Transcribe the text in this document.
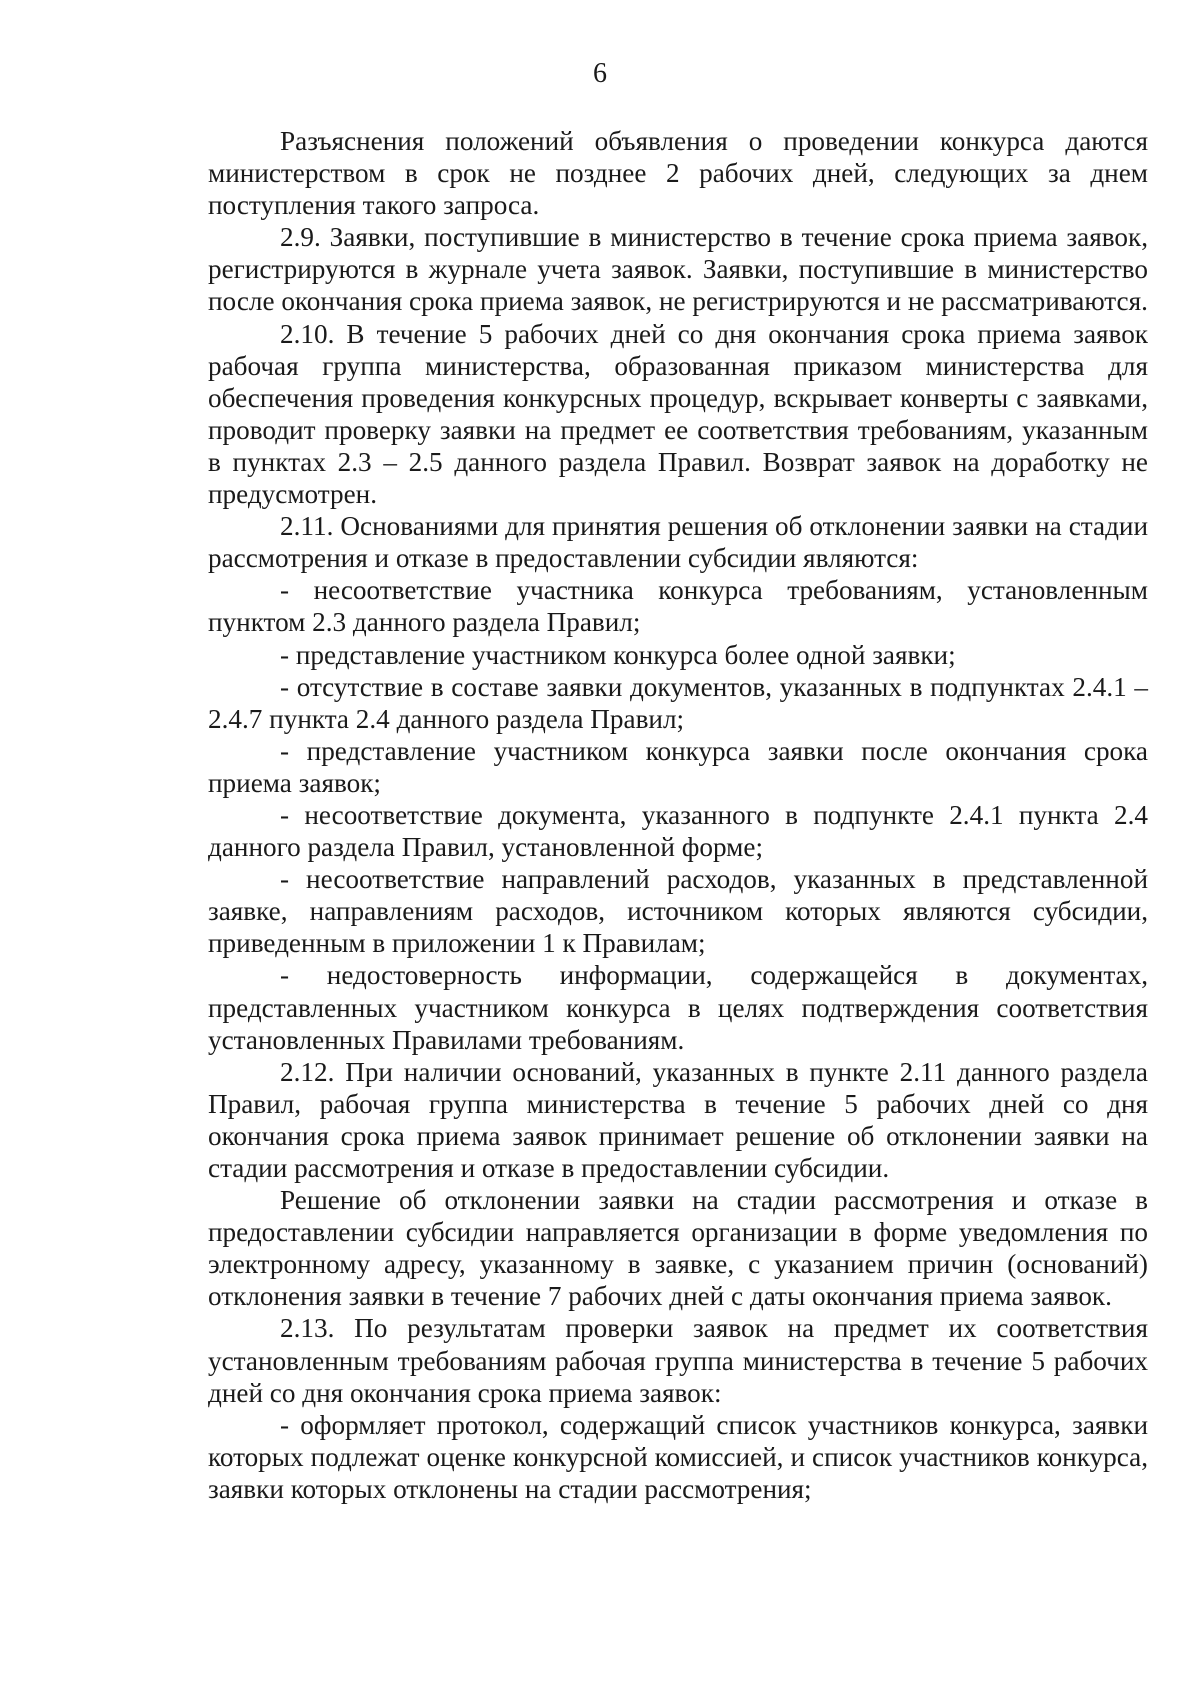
6

Разъяснения положений объявления о проведении конкурса даются министерством в срок не позднее 2 рабочих дней, следующих за днем поступления такого запроса.

2.9. Заявки, поступившие в министерство в течение срока приема заявок, регистрируются в журнале учета заявок. Заявки, поступившие в министерство после окончания срока приема заявок, не регистрируются и не рассматриваются.

2.10. В течение 5 рабочих дней со дня окончания срока приема заявок рабочая группа министерства, образованная приказом министерства для обеспечения проведения конкурсных процедур, вскрывает конверты с заявками, проводит проверку заявки на предмет ее соответствия требованиям, указанным в пунктах 2.3 – 2.5 данного раздела Правил. Возврат заявок на доработку не предусмотрен.

2.11. Основаниями для принятия решения об отклонении заявки на стадии рассмотрения и отказе в предоставлении субсидии являются:

- несоответствие участника конкурса требованиям, установленным пунктом 2.3 данного раздела Правил;

- представление участником конкурса более одной заявки;

- отсутствие в составе заявки документов, указанных в подпунктах 2.4.1 – 2.4.7 пункта 2.4 данного раздела Правил;

- представление участником конкурса заявки после окончания срока приема заявок;

- несоответствие документа, указанного в подпункте 2.4.1 пункта 2.4 данного раздела Правил, установленной форме;

- несоответствие направлений расходов, указанных в представленной заявке, направлениям расходов, источником которых являются субсидии, приведенным в приложении 1 к Правилам;

- недостоверность информации, содержащейся в документах, представленных участником конкурса в целях подтверждения соответствия установленных Правилами требованиям.

2.12. При наличии оснований, указанных в пункте 2.11 данного раздела Правил, рабочая группа министерства в течение 5 рабочих дней со дня окончания срока приема заявок принимает решение об отклонении заявки на стадии рассмотрения и отказе в предоставлении субсидии.

Решение об отклонении заявки на стадии рассмотрения и отказе в предоставлении субсидии направляется организации в форме уведомления по электронному адресу, указанному в заявке, с указанием причин (оснований) отклонения заявки в течение 7 рабочих дней с даты окончания приема заявок.

2.13. По результатам проверки заявок на предмет их соответствия установленным требованиям рабочая группа министерства в течение 5 рабочих дней со дня окончания срока приема заявок:

- оформляет протокол, содержащий список участников конкурса, заявки которых подлежат оценке конкурсной комиссией, и список участников конкурса, заявки которых отклонены на стадии рассмотрения;
